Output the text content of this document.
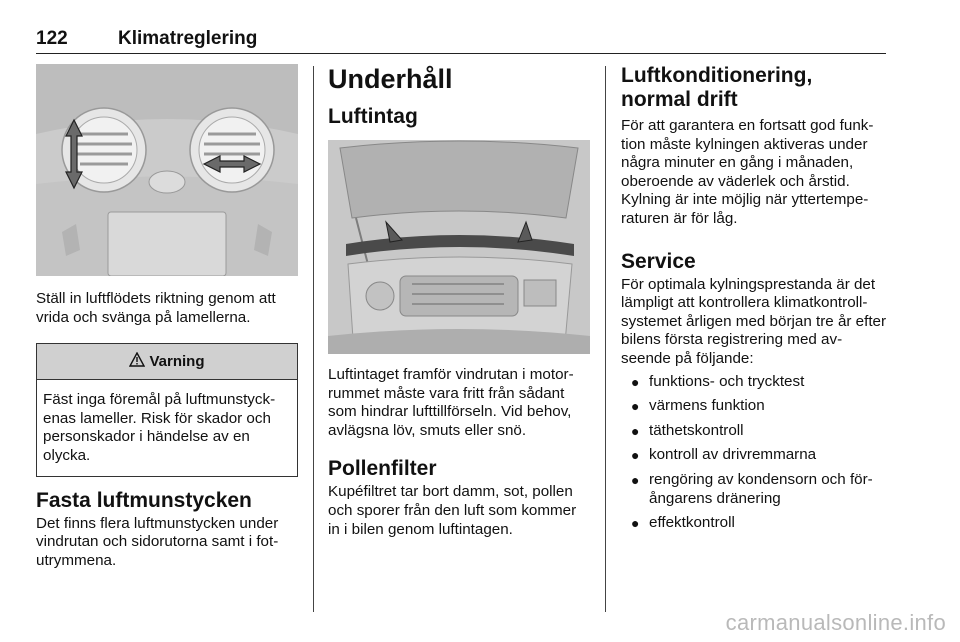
122	Klimatreglering

Ställ in luftflödets riktning genom att vrida och svänga på lamellerna.

Varning
Fäst inga föremål på luftmunstyck- enas lameller. Risk för skador och personskador i händelse av en olycka.
Fasta luftmunstycken

Det finns flera luftmunstycken under vindrutan och sidorutorna samt i fot- utrymmena.

Underhåll
Luftintag

Luftintaget framför vindrutan i motor- rummet måste vara fritt från sådant som hindrar lufttillförseln. Vid behov, avlägsna löv, smuts eller snö.

Pollenfilter

Kupéfiltret tar bort damm, sot, pollen och sporer från den luft som kommer in i bilen genom luftintagen.

Luftkonditionering, normal drift

För att garantera en fortsatt god funk- tion måste kylningen aktiveras under några minuter en gång i månaden, oberoende av väderlek och årstid. Kylning är inte möjlig när yttertempe- raturen är för låg.

Service

För optimala kylningsprestanda är det lämpligt att kontrollera klimatkontroll- systemet årligen med början tre år efter bilens första registrering med av- seende på följande:

● funktions- och trycktest
● värmens funktion
● täthetskontroll
● kontroll av drivremmarna
● rengöring av kondensorn och för- ångarens dränering
● effektkontroll
carmanualsonline.info
